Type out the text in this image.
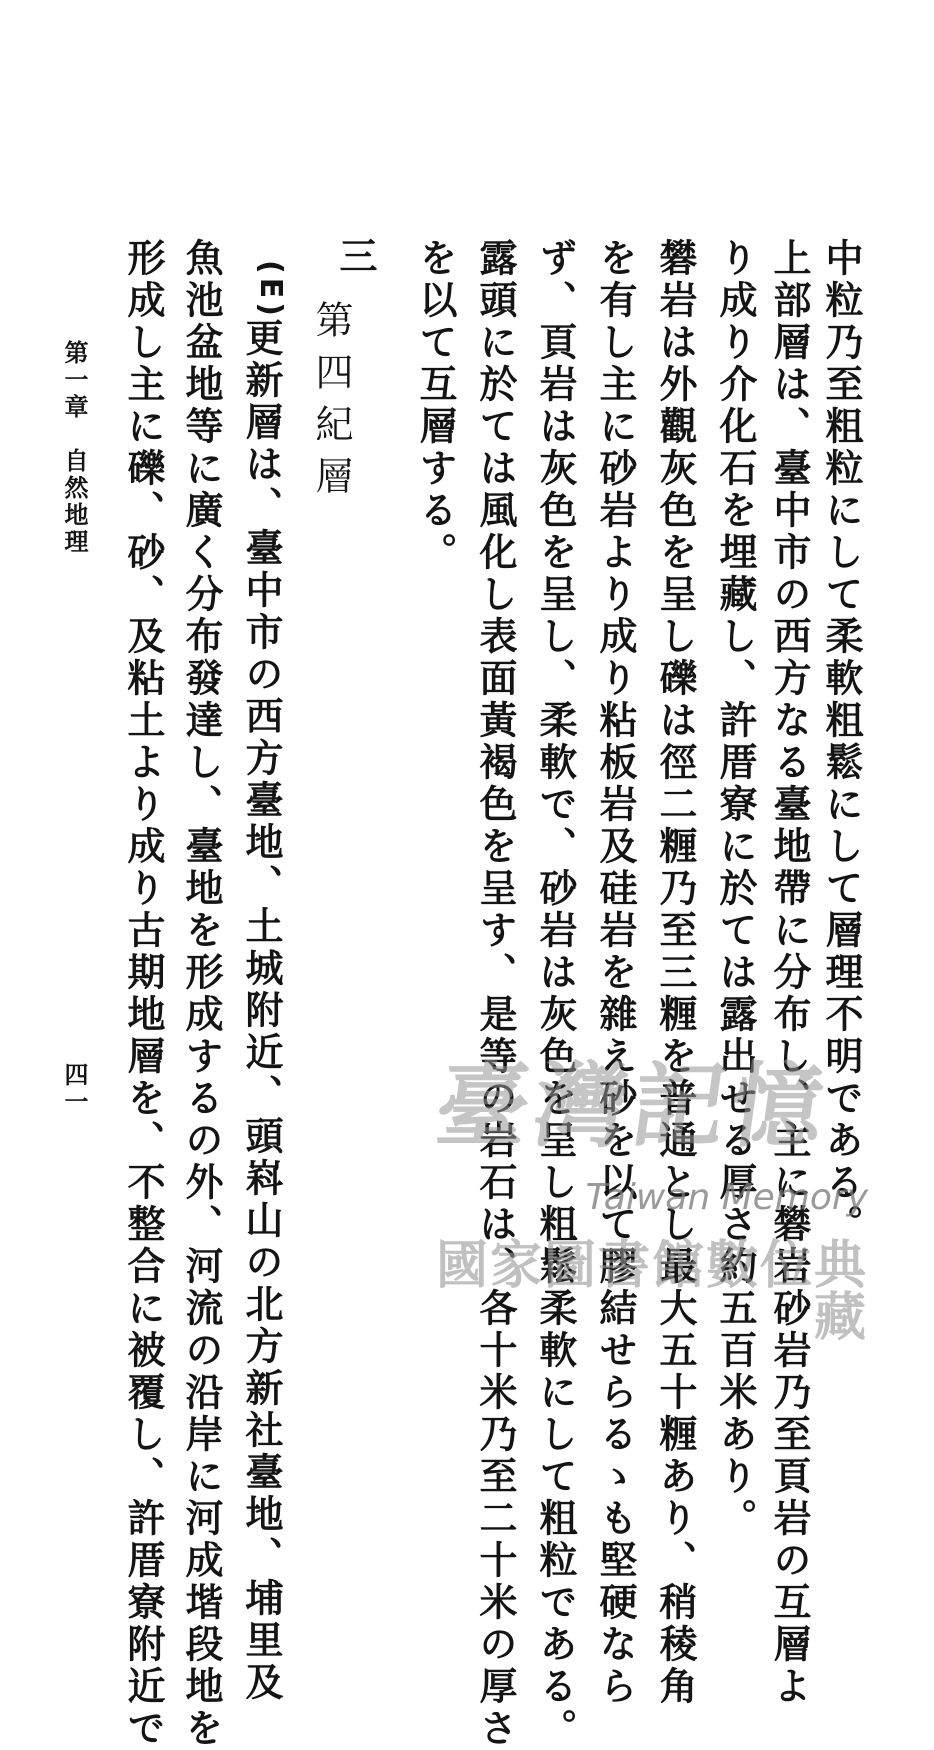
中粒乃至粗粒にして柔軟粗鬆にして層理不明である。
上部層は、臺中市の西方なる臺地帶に分布し、主に礬岩砂岩乃至頁岩の互層よ
り成り介化石を埋藏し、許厝寮に於ては露出せる厚さ約五百米あり。
礬岩は外觀灰色を呈し礫は徑二糎乃至三糎を普通とし最大五十糎あり、稍稜角
を有し主に砂岩より成り粘板岩及硅岩を雜え砂を以て膠結せらるゝも堅硬なら
ず、頁岩は灰色を呈し、柔軟で、砂岩は灰色を呈し粗鬆柔軟にして粗粒である。
露頭に於ては風化し表面黃褐色を呈す、是等の岩石は、各十米乃至二十米の厚さ
を以て互層する。
三
第四紀層
(E)
更新層は、臺中市の西方臺地、土城附近、頭嵙山の北方新社臺地、埔里及
魚池盆地等に廣く分布發達し、臺地を形成するの外、河流の沿岸に河成堦段地を
形成し主に礫、砂、及粘土より成り古期地層を、不整合に被覆し、許厝寮附近で
第一章　自然地理
四一	臺灣記憶
Taiwan Memory
國家圖書館數位典藏
